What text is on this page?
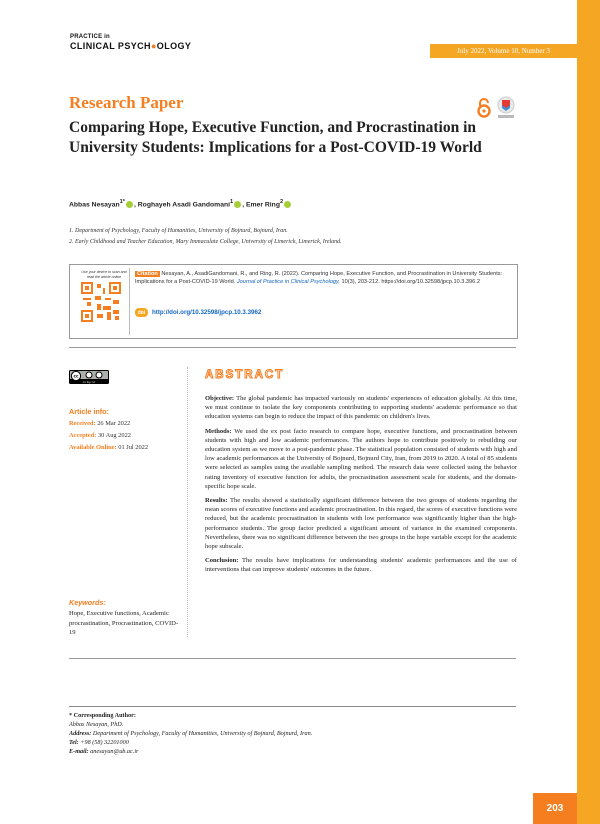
July 2022, Volume 10, Number 3
203
PRACTICE in
CLINICAL PSYCH●OLOGY
Research Paper
Comparing Hope, Executive Function, and Procrastination in University Students: Implications for a Post-COVID-19 World
Abbas Nesayan$^{1*}$ , Roghayeh Asadi Gandomani$^1$ , Emer Ring$^2$
1. Department of Psychology, Faculty of Humanities, University of Bojnurd, Bojnurd, Iran.
2. Early Childhood and Teacher Education, Mary Immaculate College, University of Limerick, Limerick, Ireland.
Use your device to scan and read the article online	Citation Nesayan, A., AsadiGandomani, R., and Ring, R. (2022). Comparing Hope, Executive Function, and Procrastination in University Students: Implications for a Post-COVID-19 World. Journal of Practice in Clinical Psychology, 10(3), 203-212. https://doi.org/10.32598/jpcp.10.3.396.2
doi	http://doi.org/10.32598/jpcp.10.3.3962
cc
cc by nc
Article info:
Received: 26 Mar 2022
Accepted: 30 Aug 2022
Available Online: 01 Jul 2022
Keywords:
Hope, Executive functions, Academic procrastination, Procrastination, COVID-19
ABSTRACT

Objective: The global pandemic has impacted variously on students' experiences of education globally. At this time, we must continue to isolate the key components contributing to supporting students' academic performance so that education systems can begin to reduce the impact of this pandemic on children's lives.

Methods: We used the ex post facto research to compare hope, executive functions, and procrastination between students with high and low academic performances. The authors hope to contribute positively to rebuilding our education system as we move to a post-pandemic phase. The statistical population consisted of students with high and low academic performances at the University of Bojnurd, Bojnurd City, Iran, from 2019 to 2020. A total of 85 students were selected as samples using the available sampling method. The research data were collected using the behavior rating inventory of executive function for adults, the procrastination assessment scale for students, and the domain-specific hope scale.

Results: The results showed a statistically significant difference between the two groups of students regarding the mean scores of executive functions and academic procrastination. In this regard, the scores of executive functions were reduced, but the academic procrastination in students with low performance was significantly higher than the high-performance students. The group factor predicted a significant amount of variance in the examined components. Nevertheless, there was no significant difference between the two groups in the hope variable except for the academic hope subscale.

Conclusion: The results have implications for understanding students' academic performances and the use of interventions that can improve students' outcomes in the future.

* Corresponding Author:
Abbas Nesayan, PhD.
Address: Department of Psychology, Faculty of Humanities, University of Bojnurd, Bojnurd, Iran.
Tel: +98 (58) 32201000
E-mail: anesayan@ub.ac.ir
